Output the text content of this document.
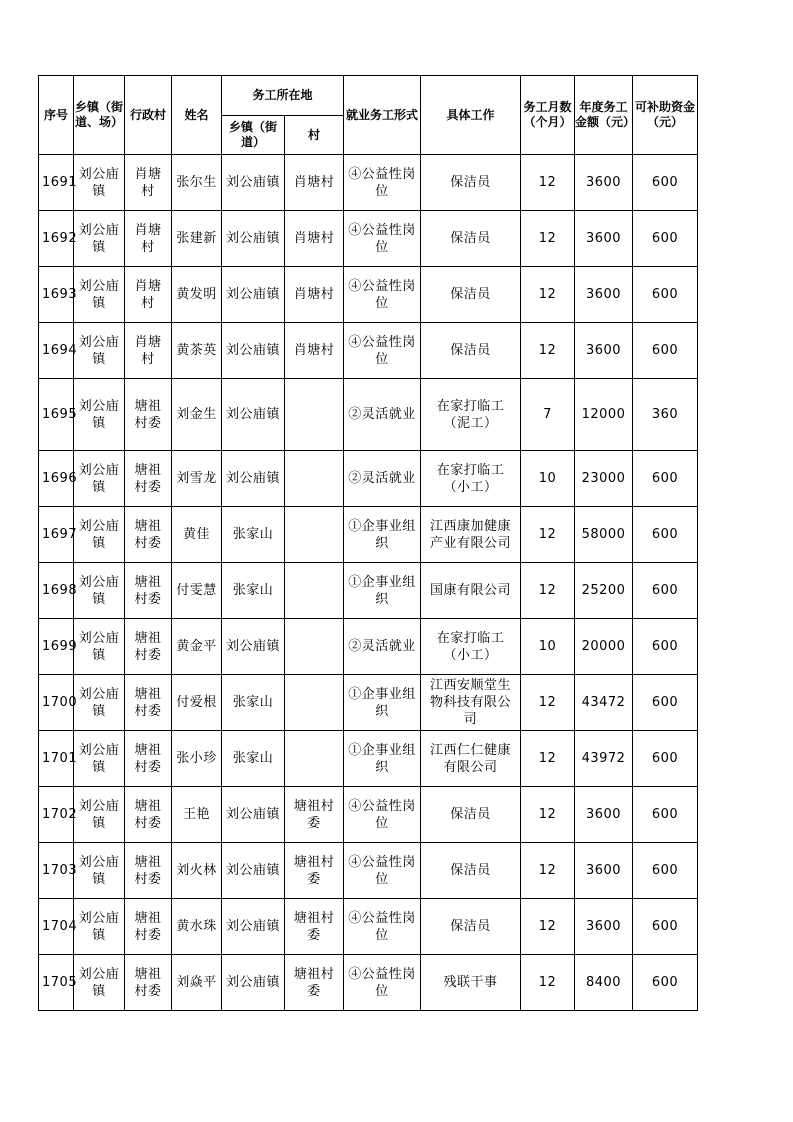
序号	乡镇（街道、场）	行政村	姓名	务工所在地		就业务工形式	具体工作	务工月数（个月）	年度务工金额（元）	可补助资金（元）
				乡镇（街道）	村					

1691	刘公庙镇	肖塘村	张尔生	刘公庙镇	肖塘村	④公益性岗位	保洁员	12	3600	600

1692	刘公庙镇	肖塘村	张建新	刘公庙镇	肖塘村	④公益性岗位	保洁员	12	3600	600

1693	刘公庙镇	肖塘村	黄发明	刘公庙镇	肖塘村	④公益性岗位	保洁员	12	3600	600

1694	刘公庙镇	肖塘村	黄茶英	刘公庙镇	肖塘村	④公益性岗位	保洁员	12	3600	600

1695	刘公庙镇	塘祖村委	刘金生	刘公庙镇		②灵活就业	在家打临工（泥工）	7	12000	360

1696	刘公庙镇	塘祖村委	刘雪龙	刘公庙镇		②灵活就业	在家打临工（小工）	10	23000	600

1697	刘公庙镇	塘祖村委	黄佳	张家山		①企事业组织	江西康加健康产业有限公司	12	58000	600

1698	刘公庙镇	塘祖村委	付雯慧	张家山		①企事业组织	国康有限公司	12	25200	600

1699	刘公庙镇	塘祖村委	黄金平	刘公庙镇		②灵活就业	在家打临工（小工）	10	20000	600

1700	刘公庙镇	塘祖村委	付爱根	张家山		①企事业组织	江西安顺堂生物科技有限公司	12	43472	600

1701	刘公庙镇	塘祖村委	张小珍	张家山		①企事业组织	江西仁仁健康有限公司	12	43972	600

1702	刘公庙镇	塘祖村委	王艳	刘公庙镇	塘祖村委	④公益性岗位	保洁员	12	3600	600

1703	刘公庙镇	塘祖村委	刘火林	刘公庙镇	塘祖村委	④公益性岗位	保洁员	12	3600	600

1704	刘公庙镇	塘祖村委	黄水珠	刘公庙镇	塘祖村委	④公益性岗位	保洁员	12	3600	600

1705	刘公庙镇	塘祖村委	刘焱平	刘公庙镇	塘祖村委	④公益性岗位	残联干事	12	8400	600
